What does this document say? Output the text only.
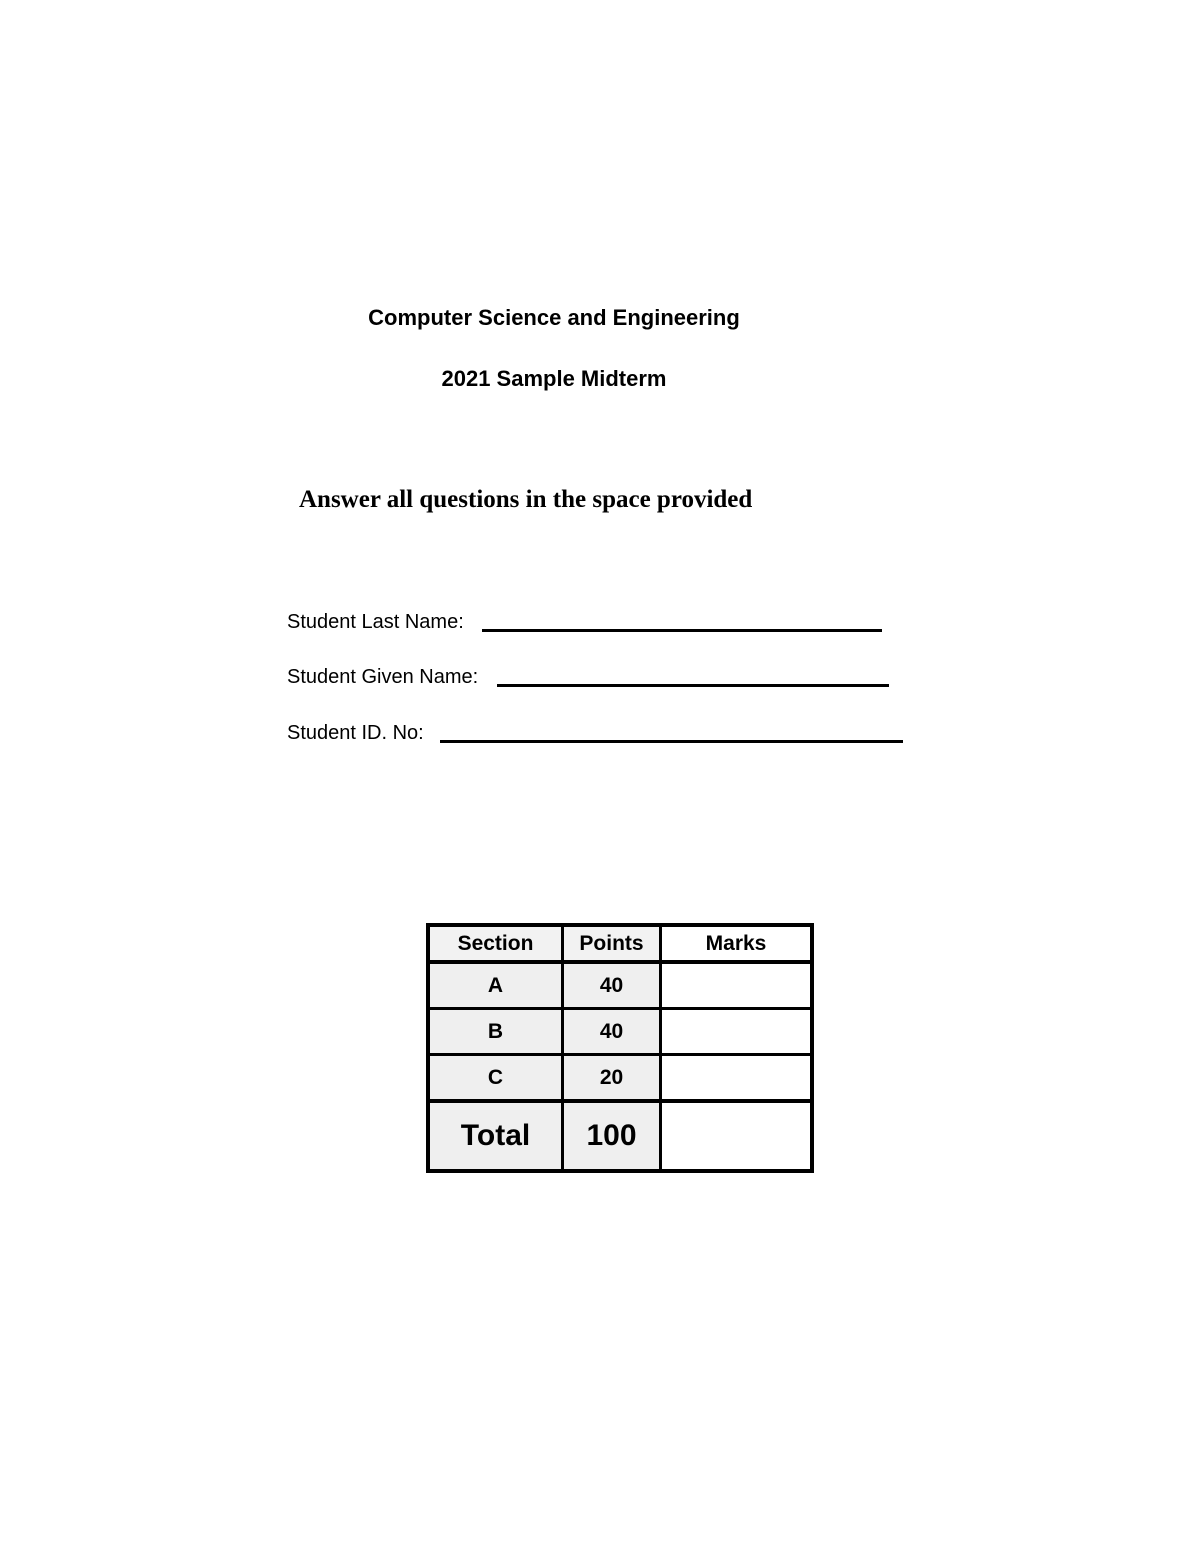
Computer Science and Engineering
2021 Sample Midterm
Answer all questions in the space provided
Student Last Name:
Student Given Name:
Student ID. No:
Section	Points	Marks
A	40	
B	40	
C	20	
Total	100	
